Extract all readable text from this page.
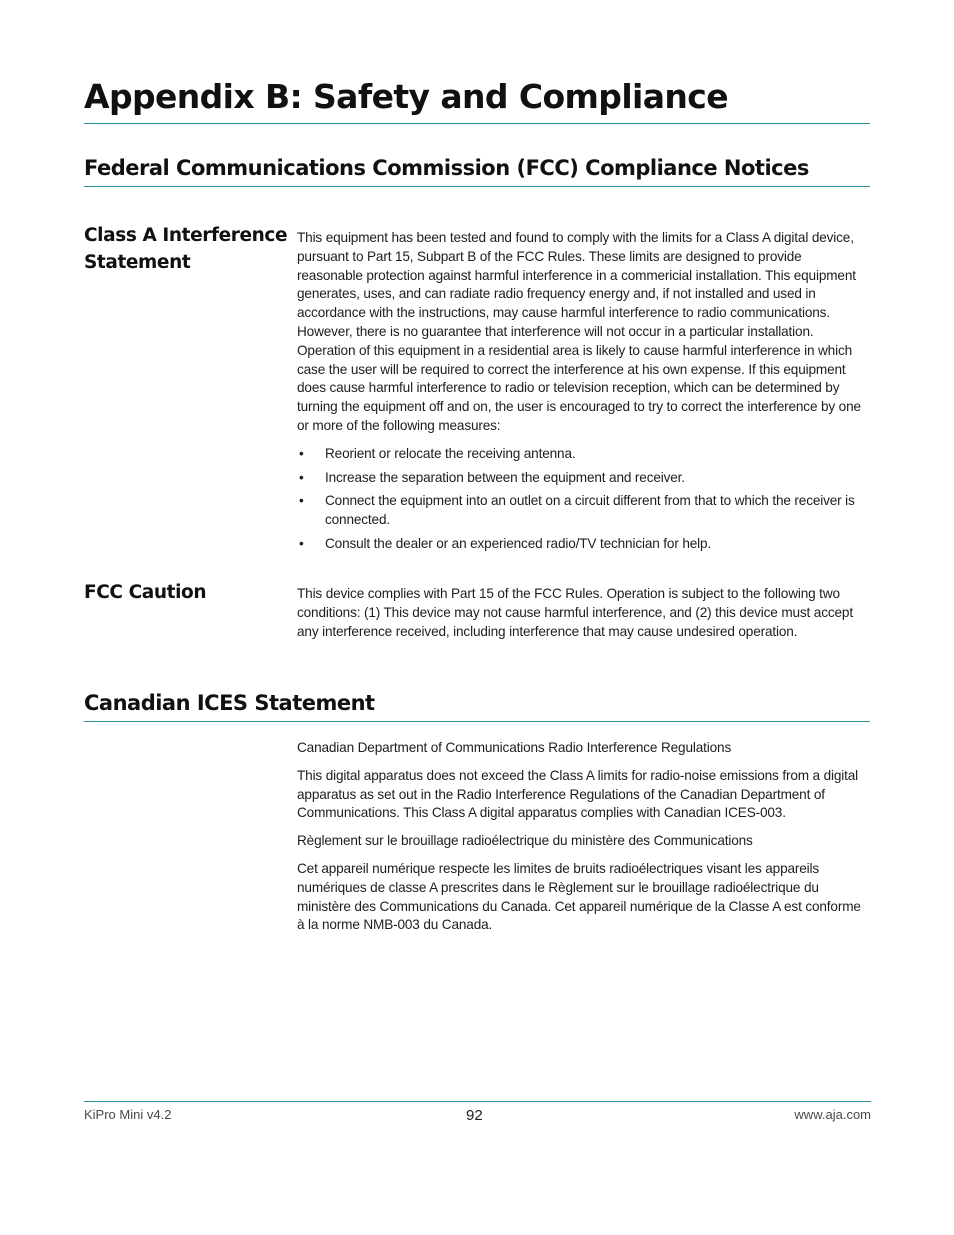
Appendix B: Safety and Compliance
Federal Communications Commission (FCC) Compliance Notices
Class A Interference Statement

This equipment has been tested and found to comply with the limits for a Class A digital device, pursuant to Part 15, Subpart B of the FCC Rules. These limits are designed to provide reasonable protection against harmful interference in a commericial installation. This equipment generates, uses, and can radiate radio frequency energy and, if not installed and used in accordance with the instructions, may cause harmful interference to radio communications. However, there is no guarantee that interference will not occur in a particular installation. Operation of this equipment in a residential area is likely to cause harmful interference in which case the user will be required to correct the interference at his own expense. If this equipment does cause harmful interference to radio or television reception, which can be determined by turning the equipment off and on, the user is encouraged to try to correct the interference by one or more of the following measures:

• Reorient or relocate the receiving antenna.
• Increase the separation between the equipment and receiver.
• Connect the equipment into an outlet on a circuit different from that to which the receiver is connected.
• Consult the dealer or an experienced radio/TV technician for help.
FCC Caution	This device complies with Part 15 of the FCC Rules. Operation is subject to the following two conditions: (1) This device may not cause harmful interference, and (2) this device must accept any interference received, including interference that may cause undesired operation.

Canadian ICES Statement

Canadian Department of Communications Radio Interference Regulations

This digital apparatus does not exceed the Class A limits for radio-noise emissions from a digital apparatus as set out in the Radio Interference Regulations of the Canadian Department of Communications. This Class A digital apparatus complies with Canadian ICES-003.

Règlement sur le brouillage radioélectrique du ministère des Communications

Cet appareil numérique respecte les limites de bruits radioélectriques visant les appareils numériques de classe A prescrites dans le Règlement sur le brouillage radioélectrique du ministère des Communications du Canada. Cet appareil numérique de la Classe A est conforme à la norme NMB-003 du Canada.

KiPro Mini v4.2	92	www.aja.com
